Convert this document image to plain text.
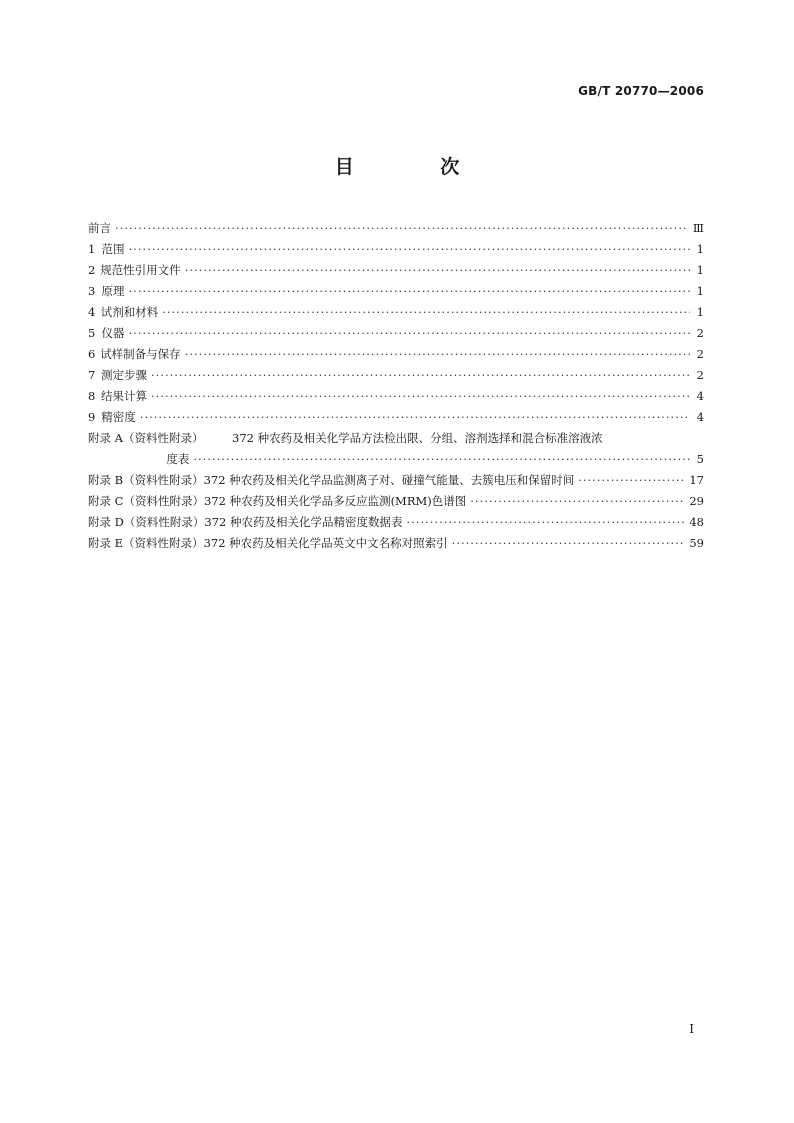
GB/T 20770—2006
目 次
前言 ·····	Ⅲ
1 范围 ·····	1
2 规范性引用文件 ·····	1
3 原理 ·····	1
4 试剂和材料 ·····	1
5 仪器 ·····	2
6 试样制备与保存 ·····	2
7 测定步骤 ·····	2
8 结果计算 ·····	4
9 精密度 ·····	4
附录 A（资料性附录）	372 种农药及相关化学品方法检出限、分组、溶剂选择和混合标准溶液浓
度表 ·····	5
附录 B（资料性附录） 372 种农药及相关化学品监测离子对、碰撞气能量、去簇电压和保留时间 ·····	17
附录 C（资料性附录） 372 种农药及相关化学品多反应监测(MRM)色谱图 ·····	29
附录 D（资料性附录） 372 种农药及相关化学品精密度数据表 ·····	48
附录 E（资料性附录） 372 种农药及相关化学品英文中文名称对照索引 ·····	59
I
